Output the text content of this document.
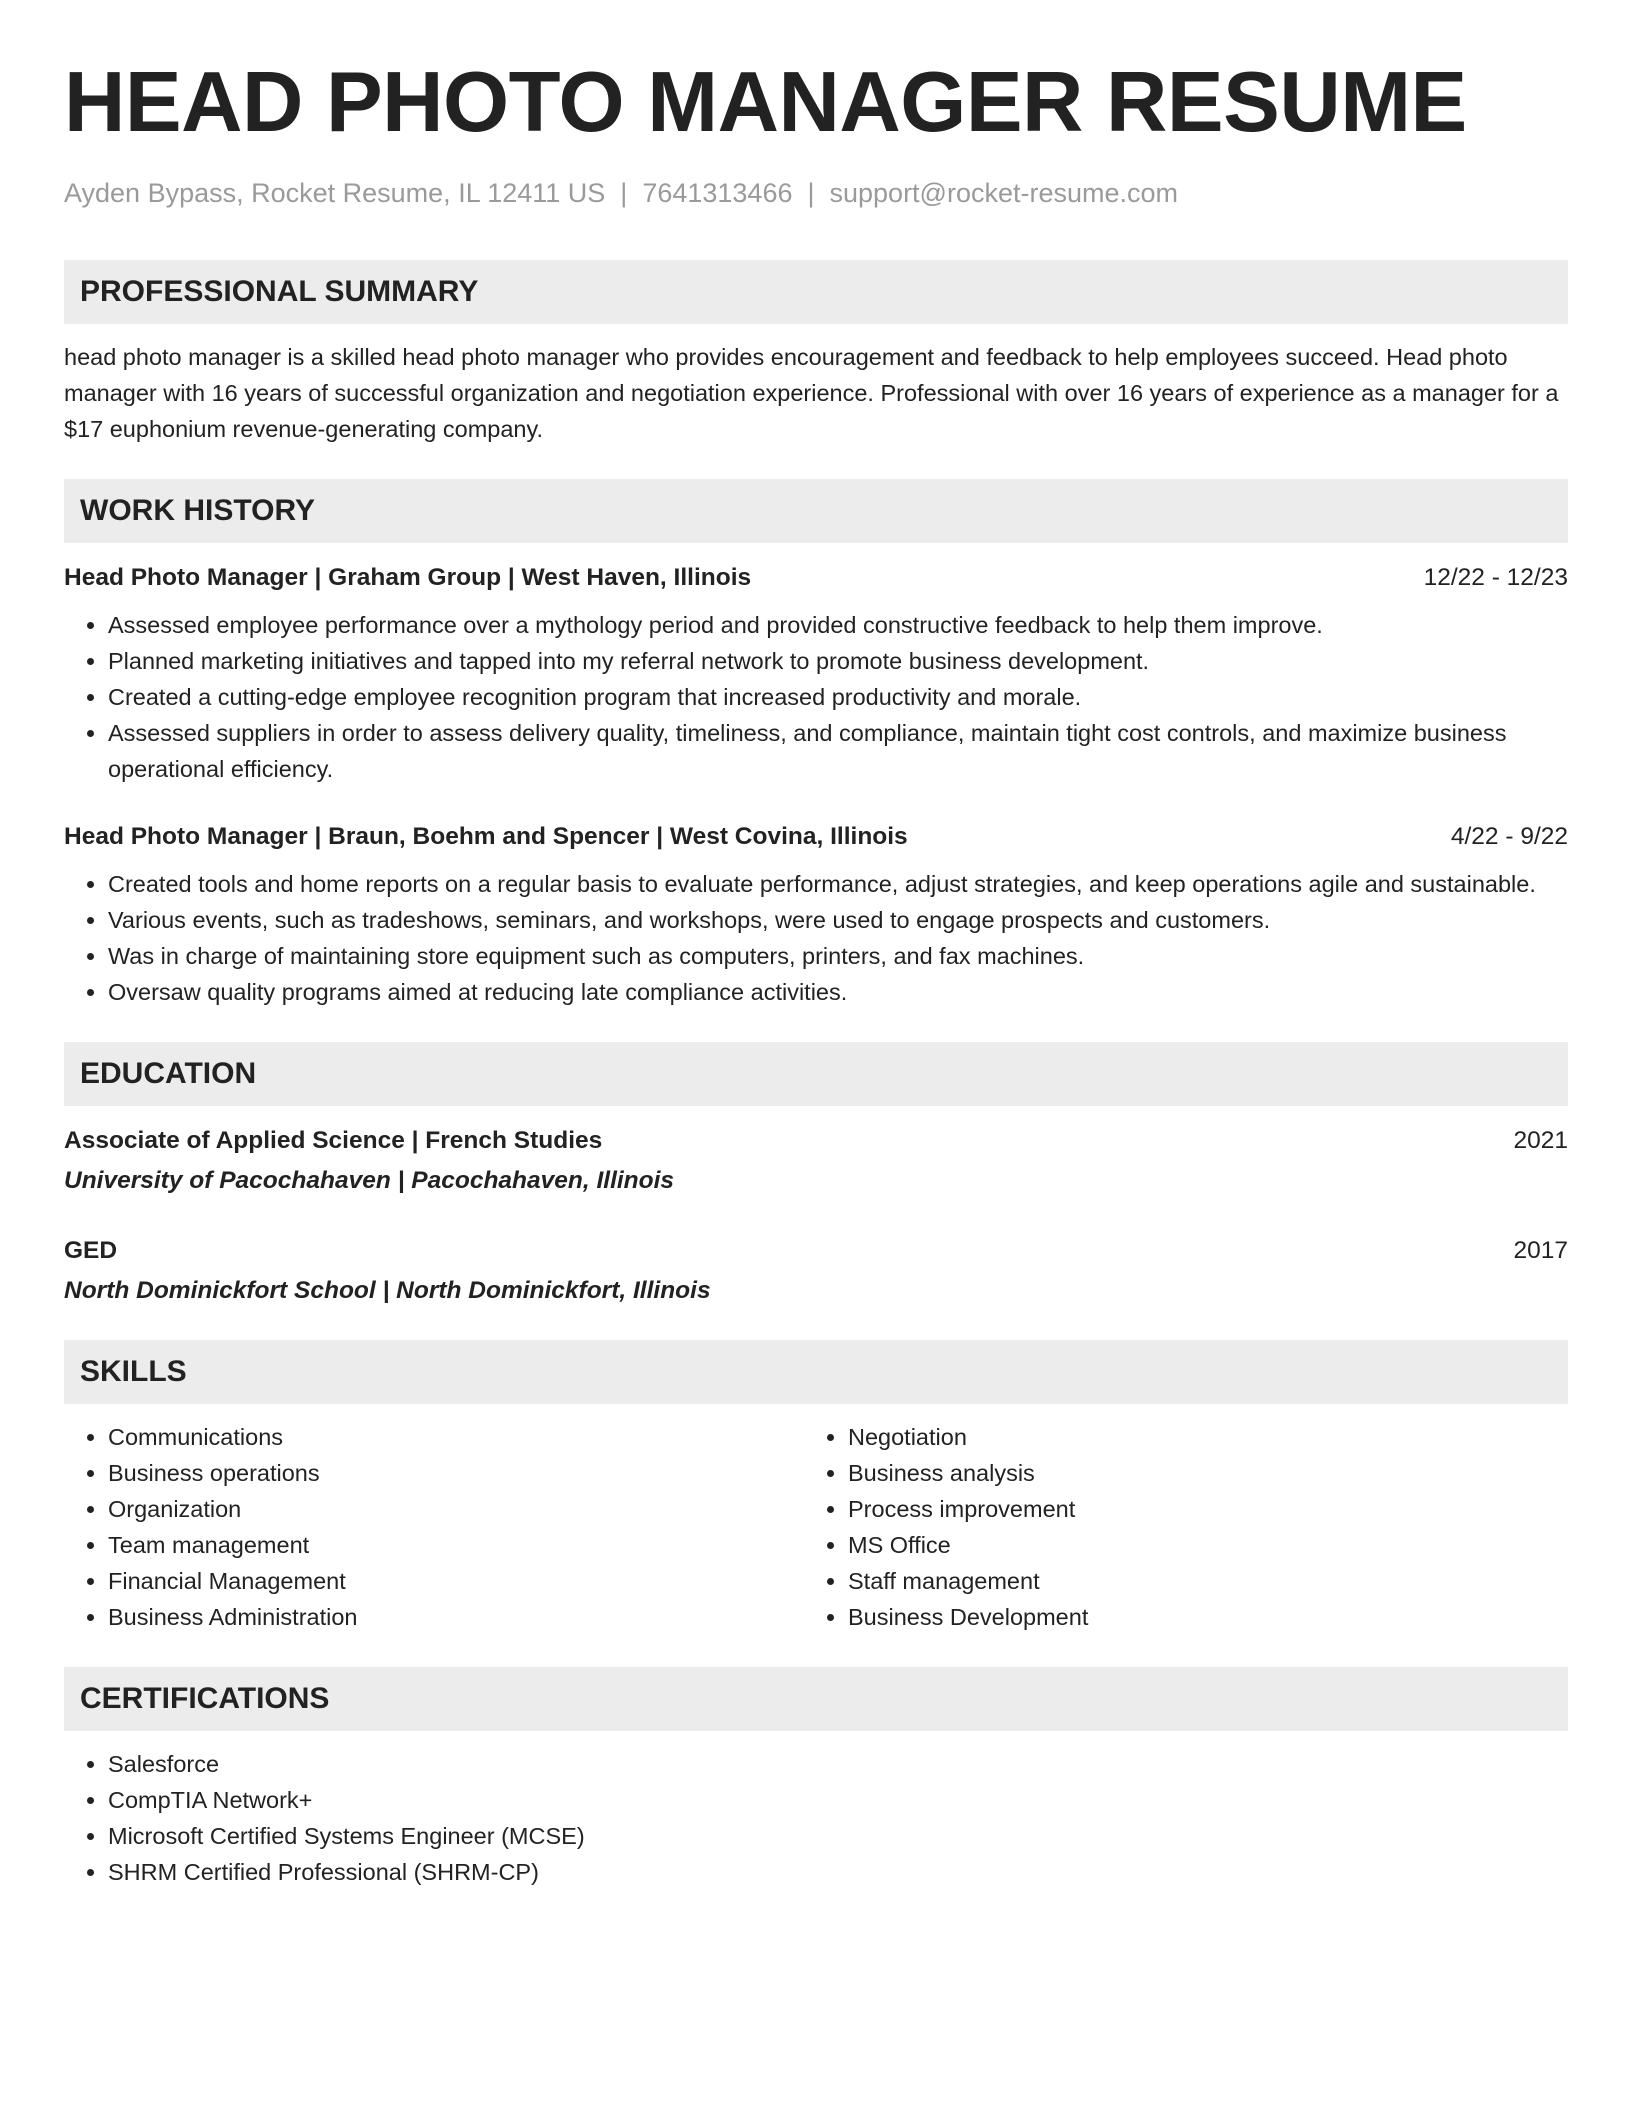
HEAD PHOTO MANAGER RESUME
Ayden Bypass, Rocket Resume, IL 12411 US | 7641313466 | support@rocket-resume.com
PROFESSIONAL SUMMARY
head photo manager is a skilled head photo manager who provides encouragement and feedback to help employees succeed. Head photo manager with 16 years of successful organization and negotiation experience. Professional with over 16 years of experience as a manager for a $17 euphonium revenue-generating company.
WORK HISTORY
Head Photo Manager | Graham Group | West Haven, Illinois	12/22 - 12/23
• Assessed employee performance over a mythology period and provided constructive feedback to help them improve.
• Planned marketing initiatives and tapped into my referral network to promote business development.
• Created a cutting-edge employee recognition program that increased productivity and morale.
• Assessed suppliers in order to assess delivery quality, timeliness, and compliance, maintain tight cost controls, and maximize business operational efficiency.
Head Photo Manager | Braun, Boehm and Spencer | West Covina, Illinois	4/22 - 9/22
• Created tools and home reports on a regular basis to evaluate performance, adjust strategies, and keep operations agile and sustainable.
• Various events, such as tradeshows, seminars, and workshops, were used to engage prospects and customers.
• Was in charge of maintaining store equipment such as computers, printers, and fax machines.
• Oversaw quality programs aimed at reducing late compliance activities.
EDUCATION
Associate of Applied Science | French Studies	2021
University of Pacochahaven | Pacochahaven, Illinois
GED	2017
North Dominickfort School | North Dominickfort, Illinois
SKILLS
• Communications
• Business operations
• Organization
• Team management
• Financial Management
• Business Administration
• Negotiation
• Business analysis
• Process improvement
• MS Office
• Staff management
• Business Development
CERTIFICATIONS
• Salesforce
• CompTIA Network+
• Microsoft Certified Systems Engineer (MCSE)
• SHRM Certified Professional (SHRM-CP)
